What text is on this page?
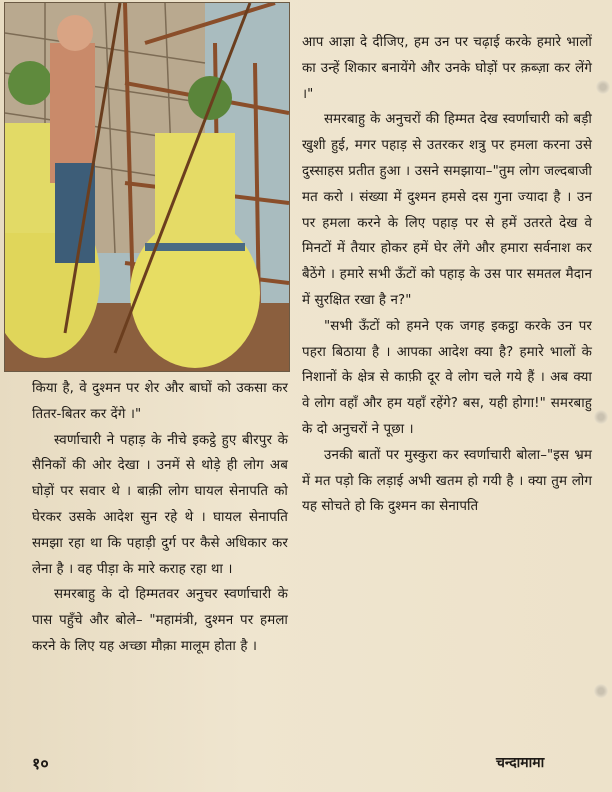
आप आज्ञा दे दीजिए, हम उन पर चढ़ाई करके हमारे भालों का उन्हें शिकार बनायेंगे और उनके घोड़ों पर क़ब्ज़ा कर लेंगे ।"

समरबाहु के अनुचरों की हिम्मत देख स्वर्णाचारी को बड़ी खुशी हुई, मगर पहाड़ से उतरकर शत्रु पर हमला करना उसे दुस्साहस प्रतीत हुआ । उसने समझाया–"तुम लोग जल्दबाजी मत करो । संख्या में दुश्मन हमसे दस गुना ज्यादा है । उन पर हमला करने के लिए पहाड़ पर से हमें उतरते देख वे मिनटों में तैयार होकर हमें घेर लेंगे और हमारा सर्वनाश कर बैठेंगे । हमारे सभी ऊँटों को पहाड़ के उस पार समतल मैदान में सुरक्षित रखा है न?"

"सभी ऊँटों को हमने एक जगह इकट्ठा करके उन पर पहरा बिठाया है । आपका आदेश क्या है? हमारे भालों के निशानों के क्षेत्र से काफ़ी दूर वे लोग चले गये हैं । अब क्या वे लोग वहाँ और हम यहाँ रहेंगे? बस, यही होगा!" समरबाहु के दो अनुचरों ने पूछा ।

उनकी बातों पर मुस्कुरा कर स्वर्णाचारी बोला–"इस भ्रम में मत पड़ो कि लड़ाई अभी खतम हो गयी है । क्या तुम लोग यह सोचते हो कि दुश्मन का सेनापति

किया है, वे दुश्मन पर शेर और बाघों को उकसा कर तितर-बितर कर देंगे ।"

स्वर्णाचारी ने पहाड़ के नीचे इकट्ठे हुए बीरपुर के सैनिकों की ओर देखा । उनमें से थोड़े ही लोग अब घोड़ों पर सवार थे । बाक़ी लोग घायल सेनापति को घेरकर उसके आदेश सुन रहे थे । घायल सेनापति समझा रहा था कि पहाड़ी दुर्ग पर कैसे अधिकार कर लेना है । वह पीड़ा के मारे कराह रहा था ।

समरबाहु के दो हिम्मतवर अनुचर स्वर्णाचारी के पास पहुँचे और बोले– "महामंत्री, दुश्मन पर हमला करने के लिए यह अच्छा मौक़ा मालूम होता है ।

१०	चन्दामामा
